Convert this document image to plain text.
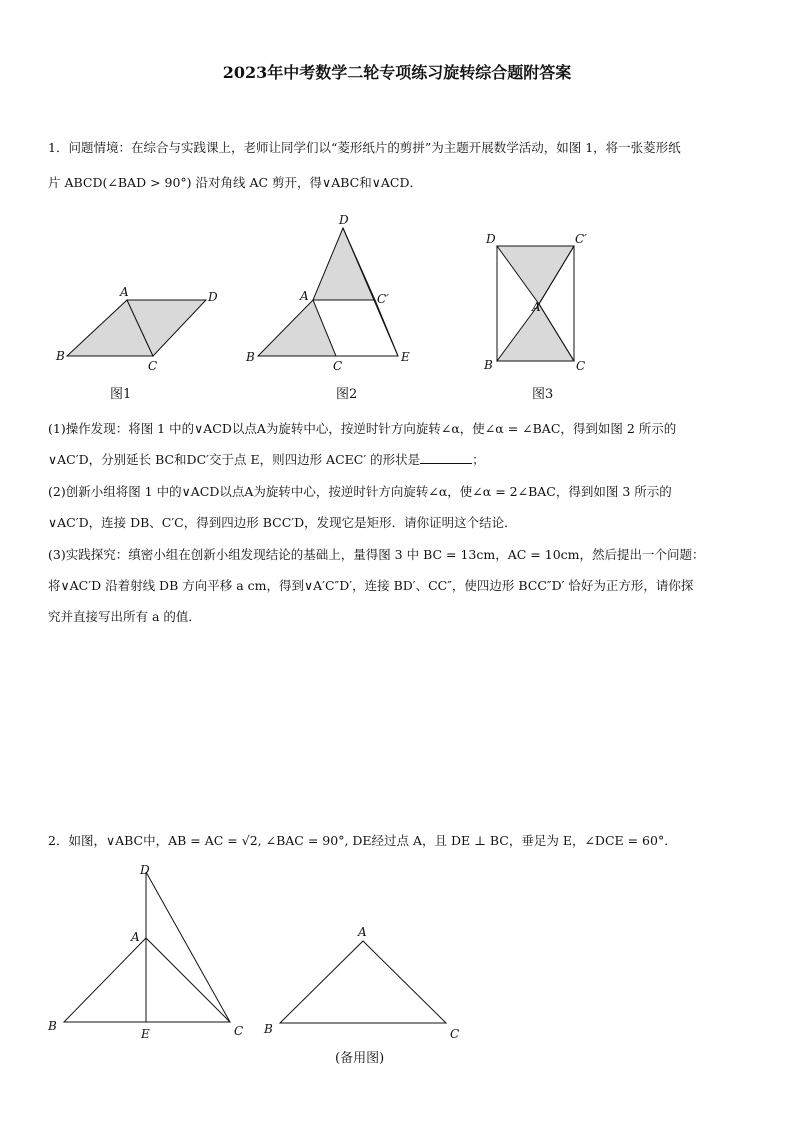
2023年中考数学二轮专项练习旋转综合题附答案
1．问题情境：在综合与实践课上，老师让同学们以“菱形纸片的剪拼”为主题开展数学活动，如图 1，将一张菱形纸
片 ABCD(∠BAD > 90°) 沿对角线 AC 剪开，得∨ABC和∨ACD．
A	D
B
C
图1
D
A	C′
B
C
E
图2
D	C′
A
B	C
图3
(1)操作发现：将图 1 中的∨ACD以点A为旋转中心，按逆时针方向旋转∠α，使∠α = ∠BAC，得到如图 2 所示的
∨AC′D，分别延长 BC和DC′交于点 E，则四边形 ACEC′ 的形状是	；
(2)创新小组将图 1 中的∨ACD以点A为旋转中心，按逆时针方向旋转∠α，使∠α = 2∠BAC，得到如图 3 所示的
∨AC′D，连接 DB、C′C，得到四边形 BCC′D，发现它是矩形．请你证明这个结论．
(3)实践探究：缜密小组在创新小组发现结论的基础上，量得图 3 中 BC = 13cm，AC = 10cm，然后提出一个问题：
将∨AC′D 沿着射线 DB 方向平移 a cm，得到∨A′C″D′，连接 BD′、CC″，使四边形 BCC″D′ 恰好为正方形，请你探
究并直接写出所有 a 的值．
2．如图，∨ABC中，AB = AC = √2, ∠BAC = 90°, DE经过点 A，且 DE ⊥ BC，垂足为 E，∠DCE = 60°．
D
A
B
E	C
A
B	C
(备用图)
